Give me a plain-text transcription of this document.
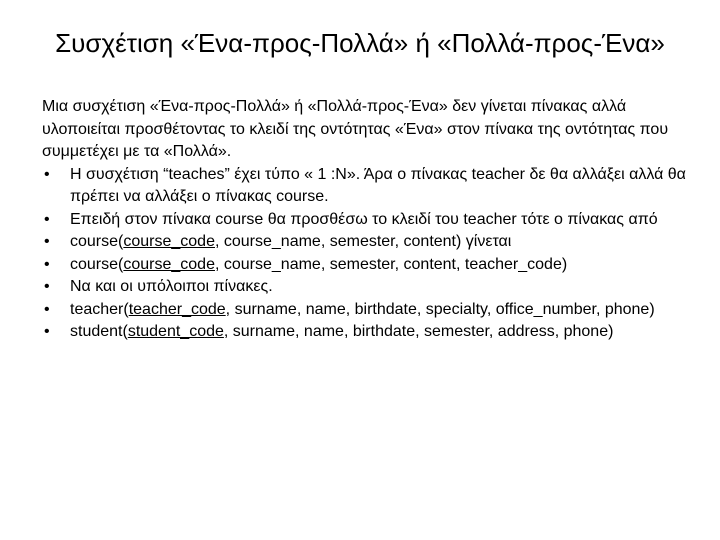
Συσχέτιση «Ένα-προς-Πολλά» ή «Πολλά-προς-Ένα»

Μια συσχέτιση «Ένα-προς-Πολλά» ή «Πολλά-προς-Ένα» δεν γίνεται πίνακας αλλά υλοποιείται προσθέτοντας το κλειδί της οντότητας «Ένα» στον πίνακα της οντότητας που συμμετέχει με τα «Πολλά».

• Η συσχέτιση “teaches” έχει τύπο « 1 :Ν». Άρα ο πίνακας teacher δε θα αλλάξει αλλά θα πρέπει να αλλάξει ο πίνακας course.
• Επειδή στον πίνακα course θα προσθέσω το κλειδί του teacher τότε ο πίνακας από
• course(course_code, course_name, semester, content) γίνεται
• course(course_code, course_name, semester, content, teacher_code)
• Να και οι υπόλοιποι πίνακες.
• teacher(teacher_code, surname, name, birthdate, specialty, office_number, phone)
• student(student_code, surname, name, birthdate, semester, address, phone)
